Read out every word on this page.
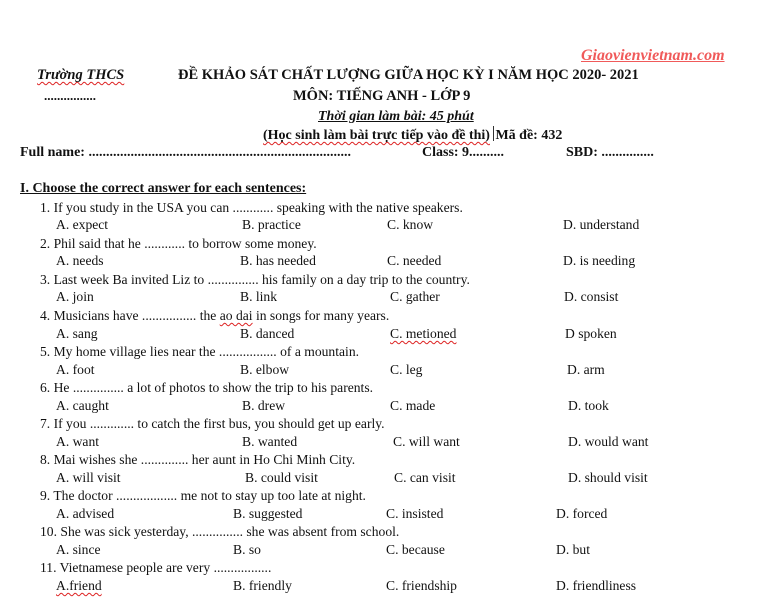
Giaovienvietnam.com
Trường THCS
................
ĐỀ KHẢO SÁT CHẤT LƯỢNG GIỮA HỌC KỲ I NĂM HỌC 2020- 2021
MÔN: TIẾNG ANH - LỚP 9
Thời gian làm bài: 45 phút
(Học sinh làm bài trực tiếp vào đề thi) Mã đề: 432
Full name: ...........................................................................	Class: 9..........	SBD: ...............
I. Choose the correct answer for each sentences:
1. If you study in the USA you can ............ speaking with the native speakers.
A. expect	B. practice	C. know	D. understand
2. Phil said that he ............ to borrow some money.
A. needs	B. has needed	C. needed	D. is needing
3. Last week Ba invited Liz to ............... his family on a day trip to the country.
A. join	B. link	C. gather	D. consist
4. Musicians have ................ the ao dai in songs for many years.
A. sang	B. danced	C. metioned	D spoken
5. My home village lies near the ................. of a mountain.
A. foot	B. elbow	C. leg	D. arm
6. He ............... a lot of photos to show the trip to his parents.
A. caught	B. drew	C. made	D. took
7. If you ............. to catch the first bus, you should get up early.
A. want	B. wanted	C. will want	D. would want
8. Mai wishes she .............. her aunt in Ho Chi Minh City.
A. will visit	B. could visit	C. can visit	D. should visit
9. The doctor .................. me not to stay up too late at night.
A. advised	B. suggested	C. insisted	D. forced
10. She was sick yesterday, ............... she was absent from school.
A. since	B. so	C. because	D. but
11. Vietnamese people are very .................
A.friend	B. friendly	C. friendship	D. friendliness
